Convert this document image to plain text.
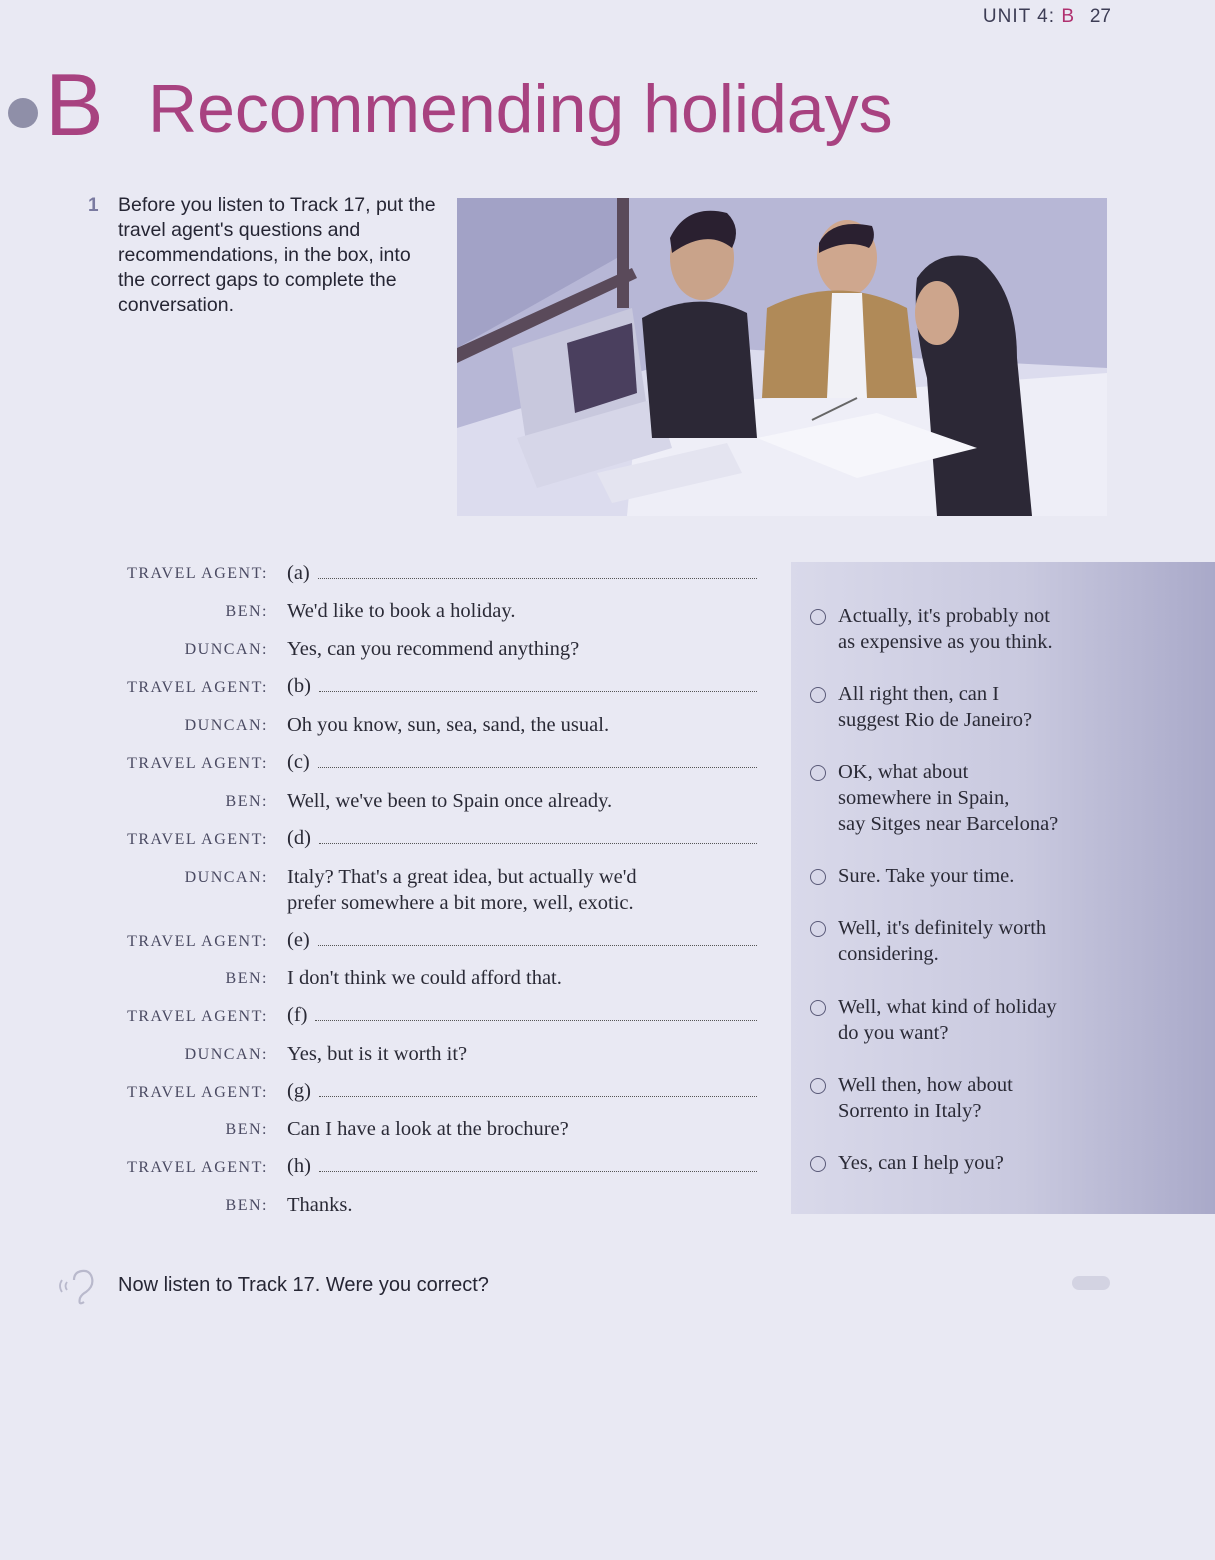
UNIT 4: B 27
B Recommending holidays
1 Before you listen to Track 17, put the travel agent's questions and recommendations, in the box, into the correct gaps to complete the conversation.
TRAVEL AGENT: (a)
BEN: We'd like to book a holiday.
DUNCAN: Yes, can you recommend anything?
TRAVEL AGENT: (b)
DUNCAN: Oh you know, sun, sea, sand, the usual.
TRAVEL AGENT: (c)
BEN: Well, we've been to Spain once already.
TRAVEL AGENT: (d)
DUNCAN: Italy? That's a great idea, but actually we'd
prefer somewhere a bit more, well, exotic.
TRAVEL AGENT: (e)
BEN: I don't think we could afford that.
TRAVEL AGENT: (f)
DUNCAN: Yes, but is it worth it?
TRAVEL AGENT: (g)
BEN: Can I have a look at the brochure?
TRAVEL AGENT: (h)
BEN: Thanks.
Actually, it's probably not
as expensive as you think.
All right then, can I
suggest Rio de Janeiro?
OK, what about
somewhere in Spain,
say Sitges near Barcelona?
Sure. Take your time.
Well, it's definitely worth
considering.
Well, what kind of holiday
do you want?
Well then, how about
Sorrento in Italy?
Yes, can I help you?
Now listen to Track 17. Were you correct?
